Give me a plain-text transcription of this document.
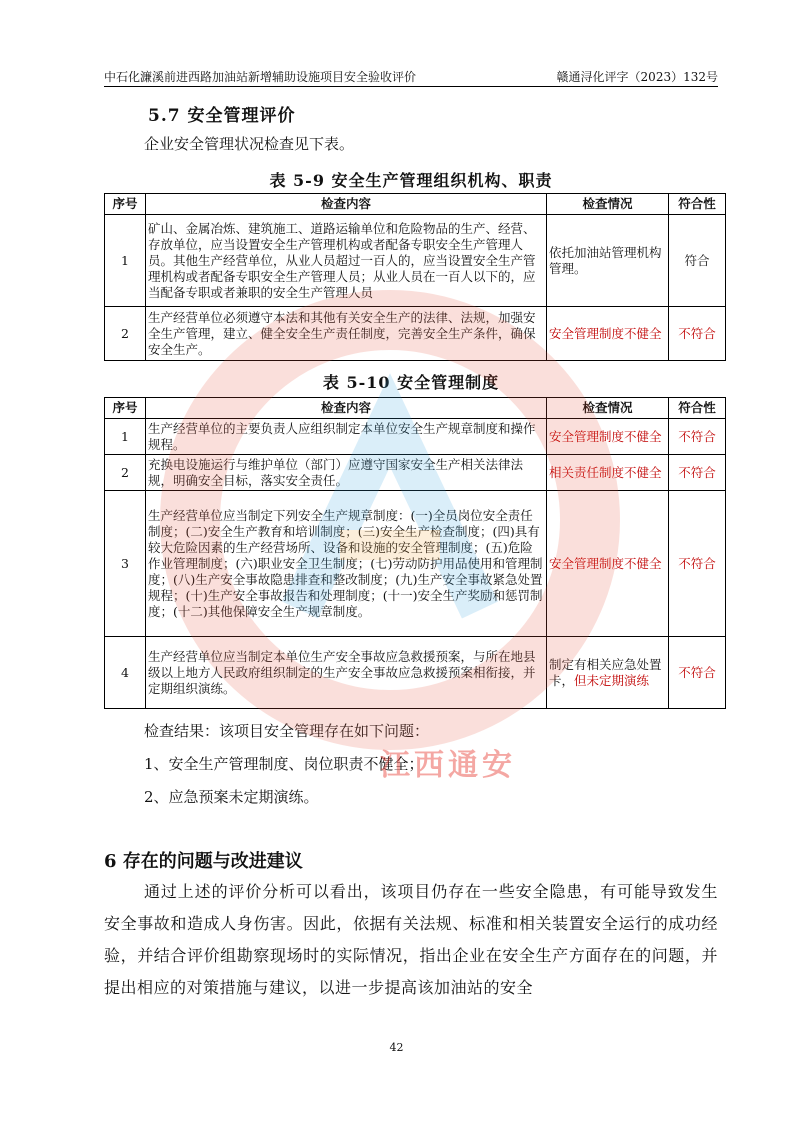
中石化濂溪前进西路加油站新增辅助设施项目安全验收评价	赣通浔化评字（2023）132号
5.7 安全管理评价
企业安全管理状况检查见下表。
表 5-9 安全生产管理组织机构、职责
序号	检查内容	检查情况	符合性
1	矿山、金属冶炼、建筑施工、道路运输单位和危险物品的生产、经营、存放单位，应当设置安全生产管理机构或者配备专职安全生产管理人员。其他生产经营单位，从业人员超过一百人的，应当设置安全生产管理机构或者配备专职安全生产管理人员；从业人员在一百人以下的，应当配备专职或者兼职的安全生产管理人员	依托加油站管理机构管理。	符合
2	生产经营单位必须遵守本法和其他有关安全生产的法律、法规，加强安全生产管理，建立、健全安全生产责任制度，完善安全生产条件，确保安全生产。	安全管理制度不健全	不符合
表 5-10 安全管理制度
序号	检查内容	检查情况	符合性
1	生产经营单位的主要负责人应组织制定本单位安全生产规章制度和操作规程。	安全管理制度不健全	不符合
2	充换电设施运行与维护单位（部门）应遵守国家安全生产相关法律法规，明确安全目标，落实安全责任。	相关责任制度不健全	不符合
3	生产经营单位应当制定下列安全生产规章制度：(一)全员岗位安全责任制度；(二)安全生产教育和培训制度；(三)安全生产检查制度；(四)具有较大危险因素的生产经营场所、设备和设施的安全管理制度；(五)危险作业管理制度；(六)职业安全卫生制度；(七)劳动防护用品使用和管理制度；(八)生产安全事故隐患排查和整改制度；(九)生产安全事故紧急处置规程；(十)生产安全事故报告和处理制度；(十一)安全生产奖励和惩罚制度；(十二)其他保障安全生产规章制度。	安全管理制度不健全	不符合
4	生产经营单位应当制定本单位生产安全事故应急救援预案，与所在地县级以上地方人民政府组织制定的生产安全事故应急救援预案相衔接，并定期组织演练。	制定有相关应急处置卡，但未定期演练	不符合
检查结果：该项目安全管理存在如下问题：
1、安全生产管理制度、岗位职责不健全；
2、应急预案未定期演练。
6 存在的问题与改进建议
通过上述的评价分析可以看出，该项目仍存在一些安全隐患，有可能导致发生安全事故和造成人身伤害。因此，依据有关法规、标准和相关装置安全运行的成功经验，并结合评价组勘察现场时的实际情况，指出企业在安全生产方面存在的问题，并提出相应的对策措施与建议，以进一步提高该加油站的安全
江西通安
42
